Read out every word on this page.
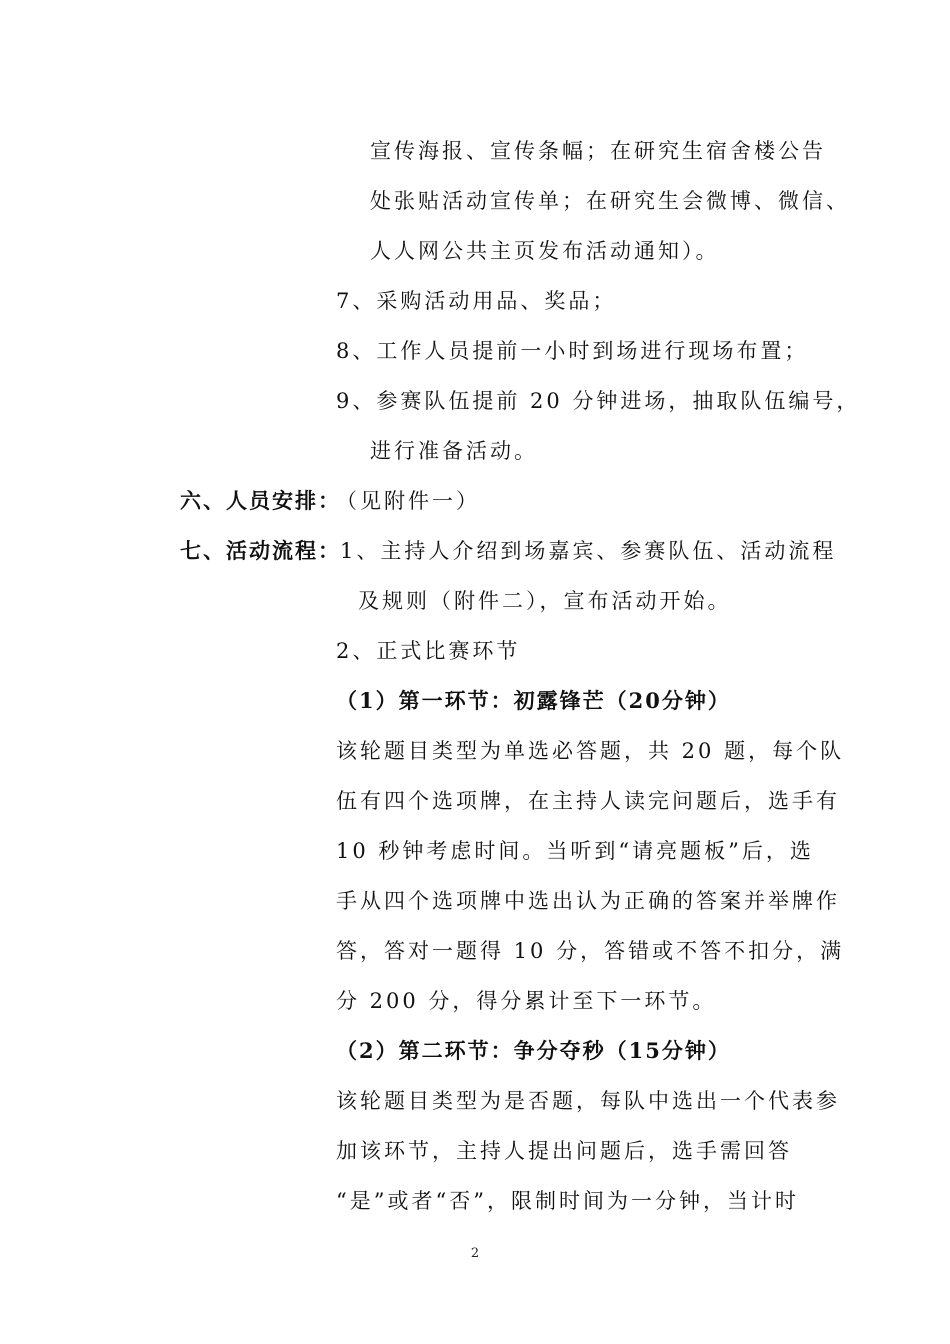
宣传海报、宣传条幅；在研究生宿舍楼公告
处张贴活动宣传单；在研究生会微博、微信、
人人网公共主页发布活动通知）。
7、采购活动用品、奖品；
8、工作人员提前一小时到场进行现场布置；
9、参赛队伍提前 20 分钟进场，抽取队伍编号，
进行准备活动。
六、人员安排：
（见附件一）
七、活动流程： 1、主持人介绍到场嘉宾、参赛队伍、活动流程
及规则（附件二），宣布活动开始。
2、正式比赛环节
（1）第一环节：初露锋芒（20分钟）
该轮题目类型为单选必答题，共 20 题，每个队
伍有四个选项牌，在主持人读完问题后，选手有
10 秒钟考虑时间。当听到“请亮题板”后，选
手从四个选项牌中选出认为正确的答案并举牌作
答，答对一题得 10 分，答错或不答不扣分，满
分 200 分，得分累计至下一环节。
（2）第二环节：争分夺秒（15分钟）
该轮题目类型为是否题，每队中选出一个代表参
加该环节，主持人提出问题后，选手需回答
“是”或者“否”，限制时间为一分钟，当计时
2
